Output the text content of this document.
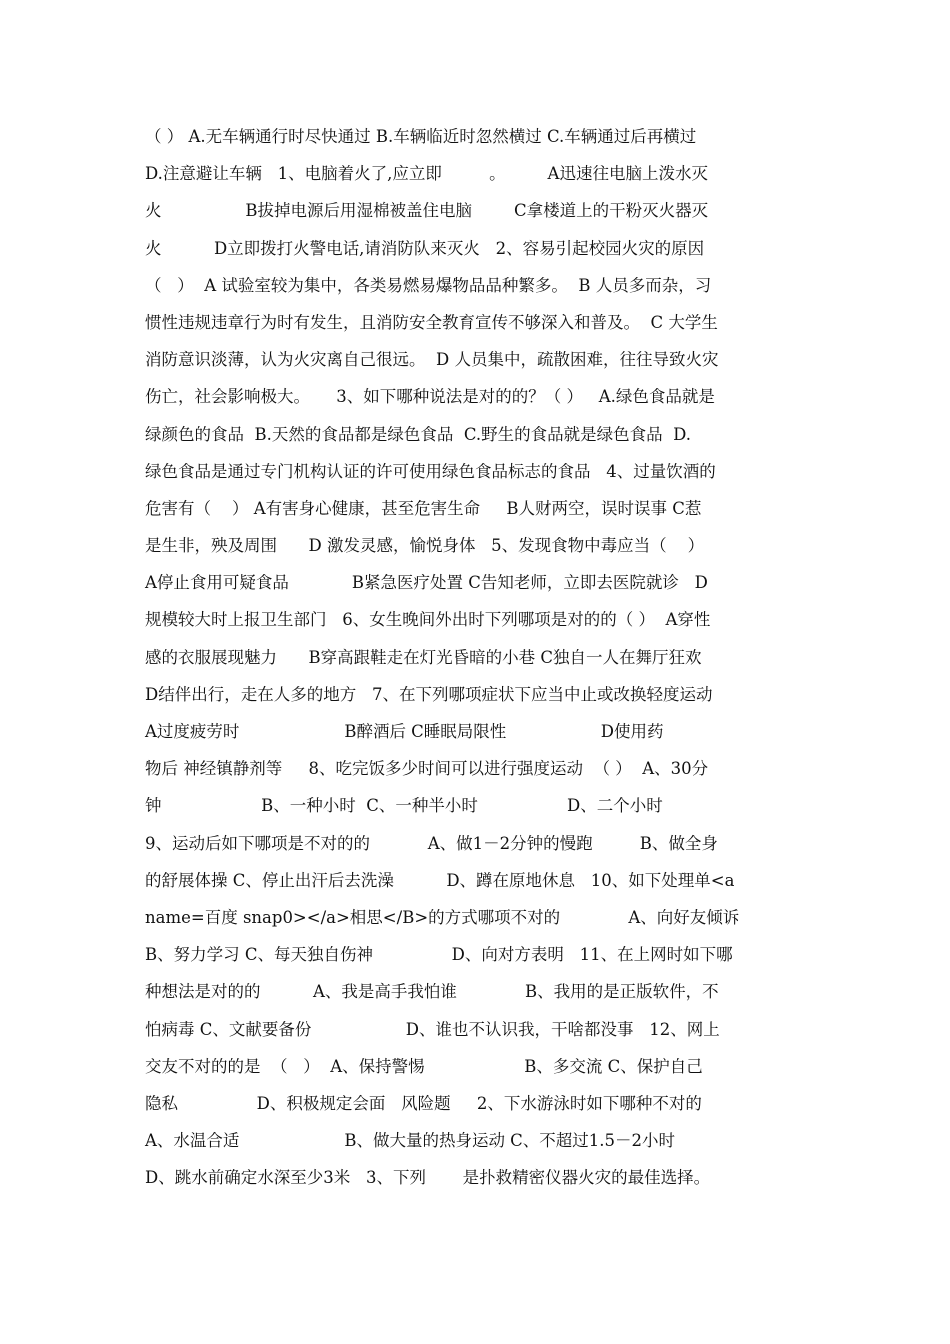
（ ） A.无车辆通行时尽快通过 B.车辆临近时忽然横过 C.车辆通过后再横过
D.注意避让车辆   1、电脑着火了,应立即         。        A迅速往电脑上泼水灭
火                B拔掉电源后用湿棉被盖住电脑        C拿楼道上的干粉灭火器灭
火          D立即拨打火警电话,请消防队来灭火   2、容易引起校园火灾的原因
（   ）  A 试验室较为集中，各类易燃易爆物品品种繁多。  B 人员多而杂，习
惯性违规违章行为时有发生，且消防安全教育宣传不够深入和普及。  C 大学生
消防意识淡薄，认为火灾离自己很远。  D 人员集中，疏散困难，往往导致火灾
伤亡，社会影响极大。     3、如下哪种说法是对的的？（ ）   A.绿色食品就是
绿颜色的食品  B.天然的食品都是绿色食品  C.野生的食品就是绿色食品  D.
绿色食品是通过专门机构认证的许可使用绿色食品标志的食品   4、过量饮酒的
危害有（    ） A有害身心健康，甚至危害生命     B人财两空，误时误事 C惹
是生非，殃及周围      D 激发灵感，愉悦身体   5、发现食物中毒应当（    ）
A停止食用可疑食品            B紧急医疗处置 C告知老师，立即去医院就诊   D
规模较大时上报卫生部门   6、女生晚间外出时下列哪项是对的的（ ）  A穿性
感的衣服展现魅力      B穿高跟鞋走在灯光昏暗的小巷 C独自一人在舞厅狂欢
D结伴出行，走在人多的地方   7、在下列哪项症状下应当中止或改换轻度运动
A过度疲劳时                    B醉酒后 C睡眠局限性                  D使用药
物后 神经镇静剂等     8、吃完饭多少时间可以进行强度运动  （ ）  A、30分
钟                   B、一种小时  C、一种半小时                 D、二个小时
9、运动后如下哪项是不对的的           A、做1－2分钟的慢跑         B、做全身
的舒展体操 C、停止出汗后去洗澡          D、蹲在原地休息   10、如下处理单<a
name=百度 snap0></a>相思</B>的方式哪项不对的             A、向好友倾诉
B、努力学习 C、每天独自伤神               D、向对方表明   11、在上网时如下哪
种想法是对的的          A、我是高手我怕谁             B、我用的是正版软件，不
怕病毒 C、文献要备份                  D、谁也不认识我，干啥都没事   12、网上
交友不对的的是  （   ）  A、保持警惕                   B、多交流 C、保护自己
隐私               D、积极规定会面   风险题     2、下水游泳时如下哪种不对的
A、水温合适                    B、做大量的热身运动 C、不超过1.5－2小时
D、跳水前确定水深至少3米   3、下列       是扑救精密仪器火灾的最佳选择。
